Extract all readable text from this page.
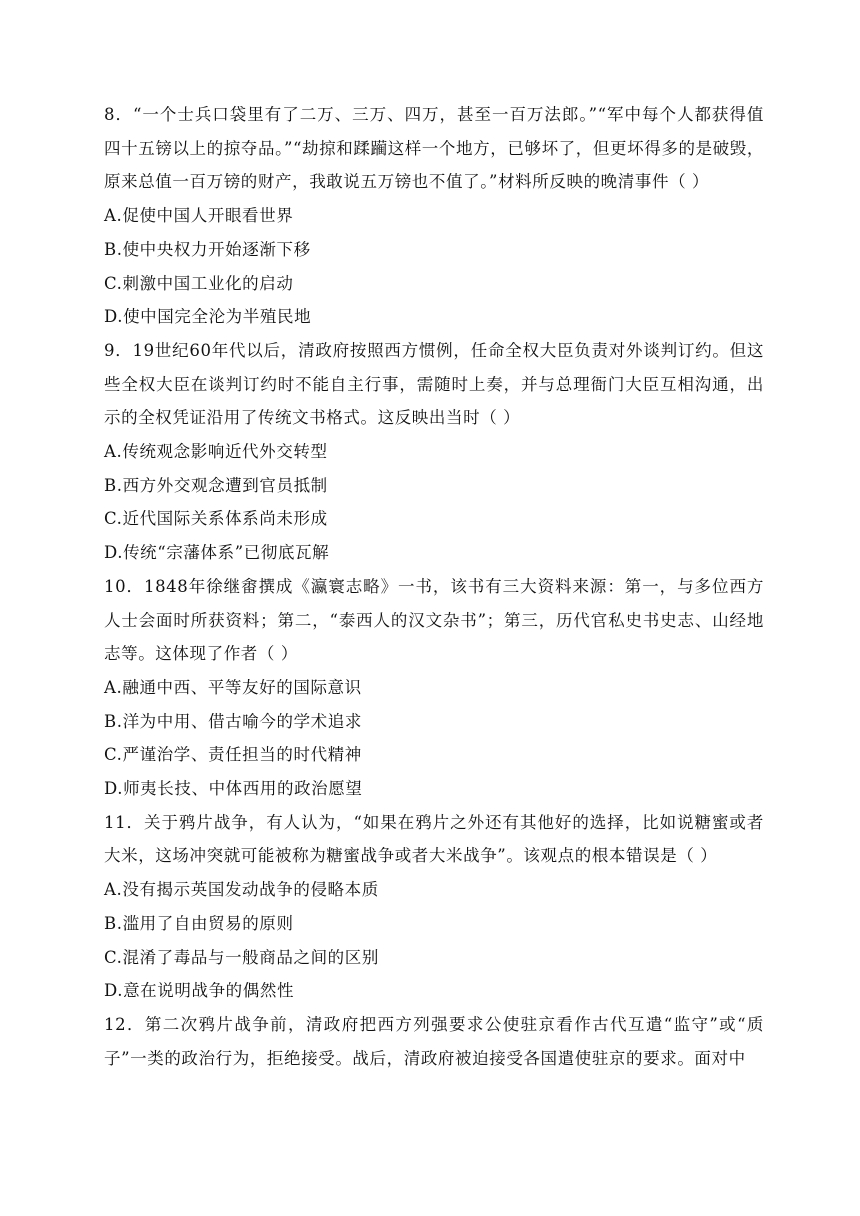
8．“一个士兵口袋里有了二万、三万、四万，甚至一百万法郎。”“军中每个人都获得值四十五镑以上的掠夺品。”“劫掠和蹂躏这样一个地方，已够坏了，但更坏得多的是破毁，原来总值一百万镑的财产，我敢说五万镑也不值了。”材料所反映的晚清事件（ ）

A.促使中国人开眼看世界

B.使中央权力开始逐渐下移

C.刺激中国工业化的启动

D.使中国完全沦为半殖民地

9．19世纪60年代以后，清政府按照西方惯例，任命全权大臣负责对外谈判订约。但这些全权大臣在谈判订约时不能自主行事，需随时上奏，并与总理衙门大臣互相沟通，出示的全权凭证沿用了传统文书格式。这反映出当时（ ）

A.传统观念影响近代外交转型

B.西方外交观念遭到官员抵制

C.近代国际关系体系尚未形成

D.传统“宗藩体系”已彻底瓦解

10．1848年徐继畬撰成《瀛寰志略》一书，该书有三大资料来源：第一，与多位西方人士会面时所获资料；第二，“泰西人的汉文杂书”；第三，历代官私史书史志、山经地志等。这体现了作者（ ）

A.融通中西、平等友好的国际意识

B.洋为中用、借古喻今的学术追求

C.严谨治学、责任担当的时代精神

D.师夷长技、中体西用的政治愿望

11．关于鸦片战争，有人认为，“如果在鸦片之外还有其他好的选择，比如说糖蜜或者大米，这场冲突就可能被称为糖蜜战争或者大米战争”。该观点的根本错误是（ ）

A.没有揭示英国发动战争的侵略本质

B.滥用了自由贸易的原则

C.混淆了毒品与一般商品之间的区别

D.意在说明战争的偶然性

12．第二次鸦片战争前，清政府把西方列强要求公使驻京看作古代互遣“监守”或“质子”一类的政治行为，拒绝接受。战后，清政府被迫接受各国遣使驻京的要求。面对中
